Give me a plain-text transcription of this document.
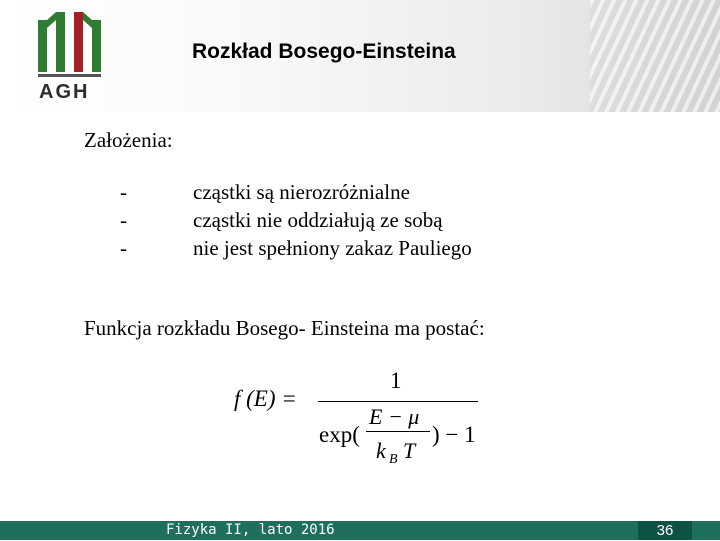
AGH
Rozkład Bosego-Einsteina
Założenia:
-	cząstki są nierozróżnialne
-	cząstki nie oddziałują ze sobą
-	nie jest spełniony zakaz Pauliego
Funkcja rozkładu Bosego- Einsteina ma postać:
f (E) =
1
exp(
E − μ
k B T
) − 1
Fizyka II, lato 2016	36
